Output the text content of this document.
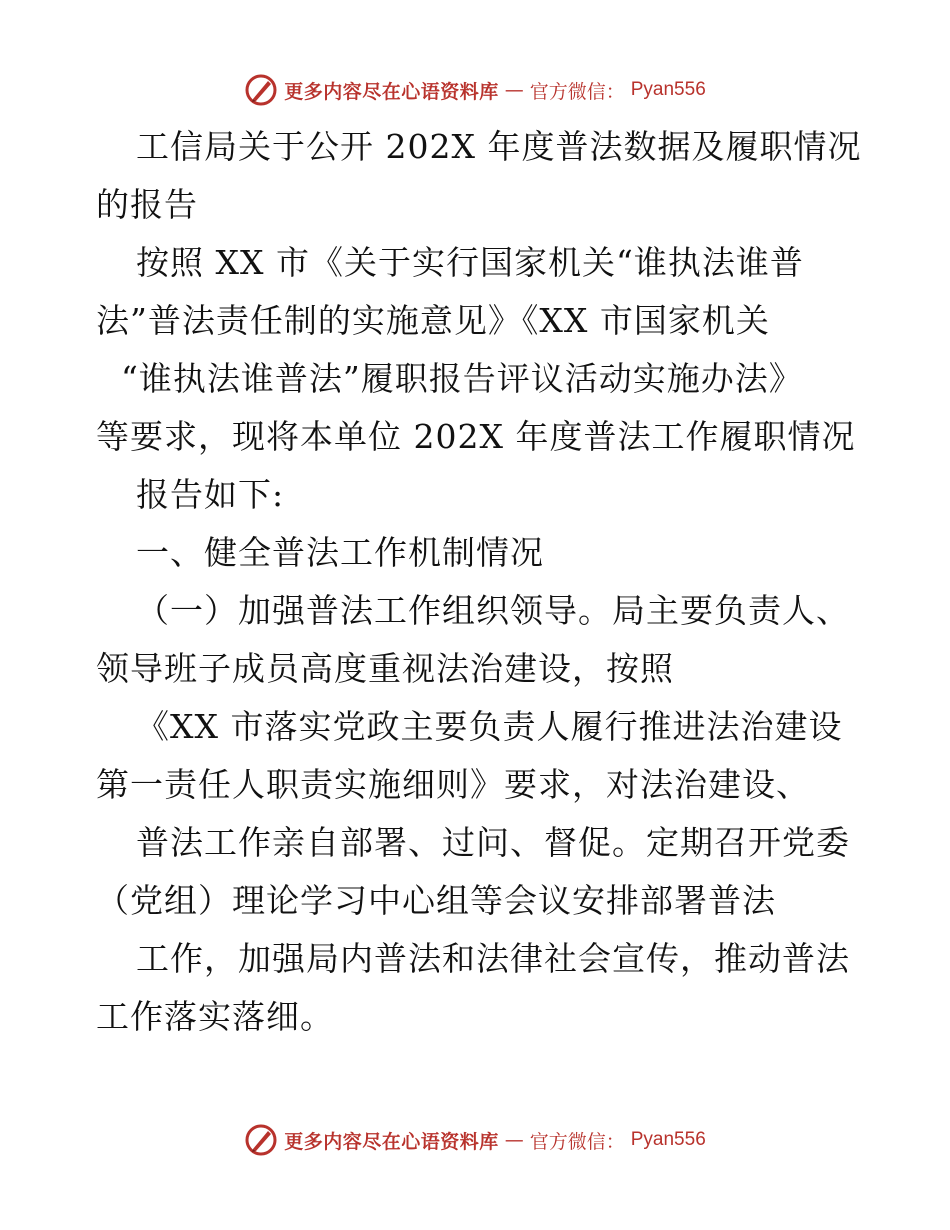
更多内容尽在心语资料库 — 官方微信： Pyan556
工信局关于公开 202X 年度普法数据及履职情况
的报告
按照 XX 市《关于实行国家机关“谁执法谁普
法”普法责任制的实施意见》《XX 市国家机关
“谁执法谁普法”履职报告评议活动实施办法》
等要求，现将本单位 202X 年度普法工作履职情况
报告如下:
一、健全普法工作机制情况
（一）加强普法工作组织领导。局主要负责人、
领导班子成员高度重视法治建设，按照
《XX 市落实党政主要负责人履行推进法治建设
第一责任人职责实施细则》要求，对法治建设、
普法工作亲自部署、过问、督促。定期召开党委
（党组）理论学习中心组等会议安排部署普法
工作，加强局内普法和法律社会宣传，推动普法
工作落实落细。
更多内容尽在心语资料库 — 官方微信： Pyan556
